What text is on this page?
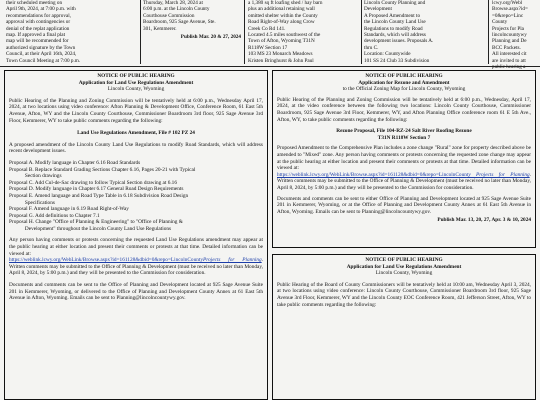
their scheduled meeting on
April 9th, 2024, at 7:00 p.m. with
recommendations for approval,
approval with contingencies or
denial of the replat application
map. If approved a final plat
map will be recommended for
authorized signature by the Town
Council, at their April 16th, 2024,
Town Council Meeting at 7:00 p.m.
Thursday, March 28, 2024 at
6:00 p.m. at the Lincoln County
Courthouse Commission
Boardroom, 925 Sage Avenue, Ste.
301, Kemmerer.
Publish Mar. 20 & 27, 2024
a 1,380 sq ft loafing shed / hay barn
plus an additional retaining wall
omitted shelter within the County
Road Right-of-Way along Crow
Creek Co Rd 141.
Located 4.5 miles southwest of the
Town of Afton, Wyoming T31N
R118W Section 17
103 MS 23 Monarch Meadows
Kristen Bringhurst & John Paul
Lincoln County Planning and
Development
A Proposed Amendment to
the Lincoln County Land Use
Regulations to modify Road
Standards, which will address
development issues. Proposals A.
thru C.
Location: Countywide
101 SS 24 Club 33 Subdivision
lcwy.org/Webl
Browse.aspx?id=
=0&repo=Linc
County
Projects for Pla
lincolncountywy
Planning and De
BCC Packets.
All interested cit
are invited to att
public hearing a
NOTICE OF PUBLIC HEARING
Application for Land Use Regulations Amendment
Lincoln County, Wyoming
Public Hearing of the Planning and Zoning Commission will be tentatively held at 6:00 p.m., Wednesday April 17, 2024, at two locations using video conference: Afton Planning & Development Office, Conference Room, 61 East 5th Avenue, Afton, WY and the Lincoln County Courthouse, Commissioner Boardroom 3rd floor, 925 Sage Avenue 3rd Floor, Kemmerer, WY to take public comments regarding the following:
Land Use Regulations Amendment, File # 102 PZ 24
A proposed amendment of the Lincoln County Land Use Regulations to modify Road Standards, which will address recent development issues.
Proposal A. Modify language in Chapter 6.16 Road Standards
Proposal B. Replace Standard Grading Sections Chapter 6.16, Pages 20-21 with Typical
Section drawings
Proposal C. Add Cul-de-Sac drawing to follow Typical Section drawing at 6.16
Proposal D. Modify language in Chapter 6.17 General Road Design Requirements
Proposal E. Amend language and Road Type Table in 6.18 Subdivision Road Design
Specifications
Proposal F. Amend language in 6.19 Road Right-of-Way
Proposal G. Add definitions to Chapter 7.1
Proposal H. Change "Office of Planning & Engineering" to "Office of Planning &
Development" throughout the Lincoln County Land Use Regulations
Any person having comments or protests concerning the requested Land Use Regulations amendment may appear at the public hearing at either location and present their comments or protests at that time. Detailed information can be viewed at:
https://weblink.lcwy.org/WebLink/Browse.aspx?id=161128&dbid=0&repo=LincolnCountyProjects for Planning. Written comments may be submitted to the Office of Planning & Development (must be received no later than Monday, April 8, 2024, by 5:00 p.m.) and they will be presented to the Commission for consideration.
Documents and comments can be sent to the Office of Planning and Development located at 925 Sage Avenue Suite 201 in Kemmerer, Wyoming, or delivered to the Office of Planning and Development County Annex at 61 East 5th Avenue in Afton, Wyoming. Emails can be sent to Planning@lincolncountywy.gov.
NOTICE OF PUBLIC HEARING
Application for Rezone and Amendment
to the Official Zoning Map for Lincoln County, Wyoming
Public Hearing of the Planning and Zoning Commission will be tentatively held at 6:00 p.m., Wednesday, April 17, 2024, at the video conference between the following two locations: Lincoln County Courthouse, Commissioner Boardroom, 925 Sage Avenue 3rd Floor, Kemmerer, WY, and Afton Planning Office conference room 61 E 5th Ave., Afton, WY, to take public comments regarding the following:
Rezone Proposal, File 104-RZ-24 Salt River Roofing Rezone
T31N R118W Section 7
Proposed Amendment to the Comprehensive Plan includes a zone change "Rural" zone for property described above be amended to "Mixed" zone. Any person having comments or protests concerning the requested zone change may appear at the public hearing at either location and present their comments or protests at that time. Detailed information can be viewed at:
https://weblink.lcwy.org/WebLink/Browse.aspx?id=161128&dbid=0&repo=LincolnCounty Projects for Planning. Written comments may be submitted to the Office of Planning & Development (must be received no later than Monday, April 8, 2024, by 5:00 p.m.) and they will be presented to the Commission for consideration.
Documents and comments can be sent to either Office of Planning and Development located at 925 Sage Avenue Suite 201 in Kemmerer, Wyoming, or at the Office of Planning and Development County Annex at 61 East 5th Avenue in Afton, Wyoming. Emails can be sent to Planning@lincolncountywy.gov.
Publish Mar. 13, 20, 27, Apr. 3 & 10, 2024
NOTICE OF PUBLIC HEARING
Application for Land Use Regulations Amendment
Lincoln County, Wyoming
Public Hearing of the Board of County Commissioners will be tentatively held at 10:00 am, Wednesday April 3, 2024, at two locations using video conference: Lincoln County Courthouse, Commissioner Boardroom 3rd floor, 925 Sage Avenue 3rd Floor, Kemmerer, WY and the Lincoln County EOC Conference Room, 421 Jefferson Street, Afton, WY to take public comments regarding the following:
